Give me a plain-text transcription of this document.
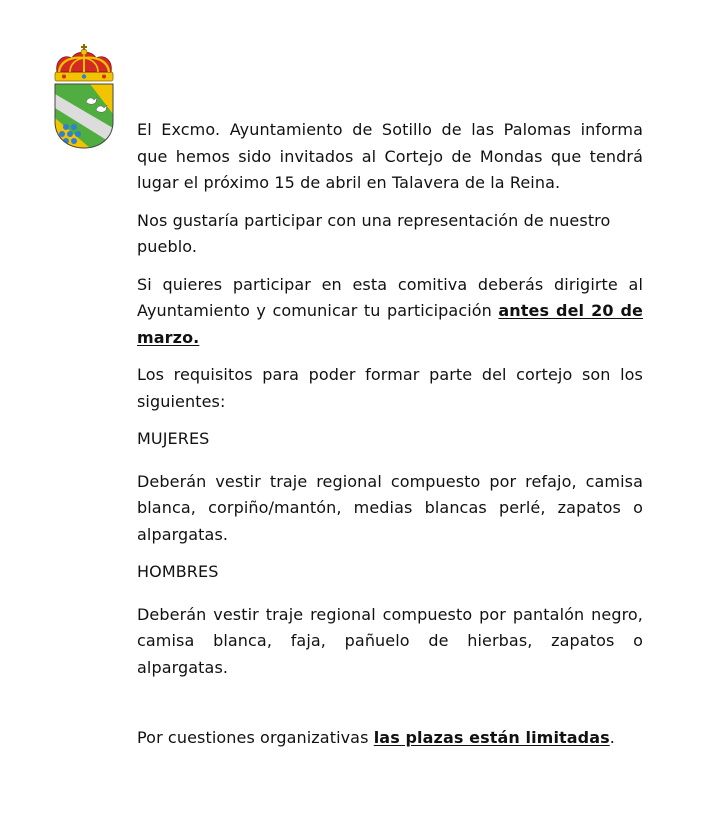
El Excmo. Ayuntamiento de Sotillo de las Palomas informa que hemos sido invitados al Cortejo de Mondas que tendrá lugar el próximo 15 de abril en Talavera de la Reina.

Nos gustaría participar con una representación de nuestro pueblo.

Si quieres participar en esta comitiva deberás dirigirte al Ayuntamiento y comunicar tu participación antes del 20 de marzo.

Los requisitos para poder formar parte del cortejo son los siguientes:

MUJERES

Deberán vestir traje regional compuesto por refajo, camisa blanca, corpiño/mantón, medias blancas perlé, zapatos o alpargatas.

HOMBRES

Deberán vestir traje regional compuesto por pantalón negro, camisa blanca, faja, pañuelo de hierbas, zapatos o alpargatas.

Por cuestiones organizativas las plazas están limitadas.
